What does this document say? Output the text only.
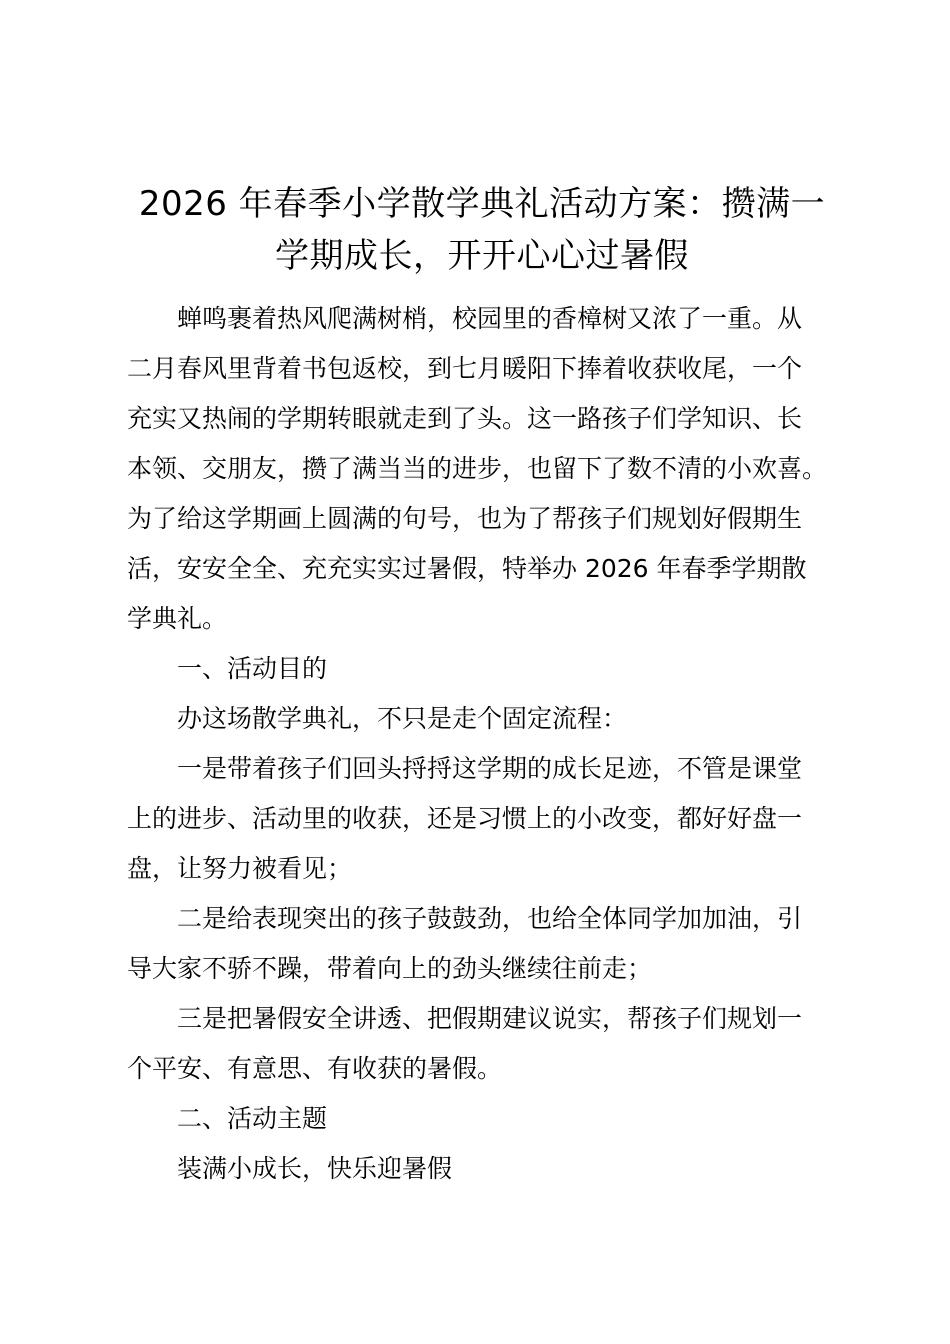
2026 年春季小学散学典礼活动方案：攒满一
学期成长，开开心心过暑假

蝉鸣裹着热风爬满树梢，校园里的香樟树又浓了一重。从
二月春风里背着书包返校，到七月暖阳下捧着收获收尾，一个
充实又热闹的学期转眼就走到了头。这一路孩子们学知识、长
本领、交朋友，攒了满当当的进步，也留下了数不清的小欢喜。
为了给这学期画上圆满的句号，也为了帮孩子们规划好假期生
活，安安全全、充充实实过暑假，特举办 2026 年春季学期散
学典礼。

一、活动目的

办这场散学典礼，不只是走个固定流程：

一是带着孩子们回头捋捋这学期的成长足迹，不管是课堂
上的进步、活动里的收获，还是习惯上的小改变，都好好盘一
盘，让努力被看见；

二是给表现突出的孩子鼓鼓劲，也给全体同学加加油，引
导大家不骄不躁，带着向上的劲头继续往前走；

三是把暑假安全讲透、把假期建议说实，帮孩子们规划一
个平安、有意思、有收获的暑假。

二、活动主题

装满小成长，快乐迎暑假
